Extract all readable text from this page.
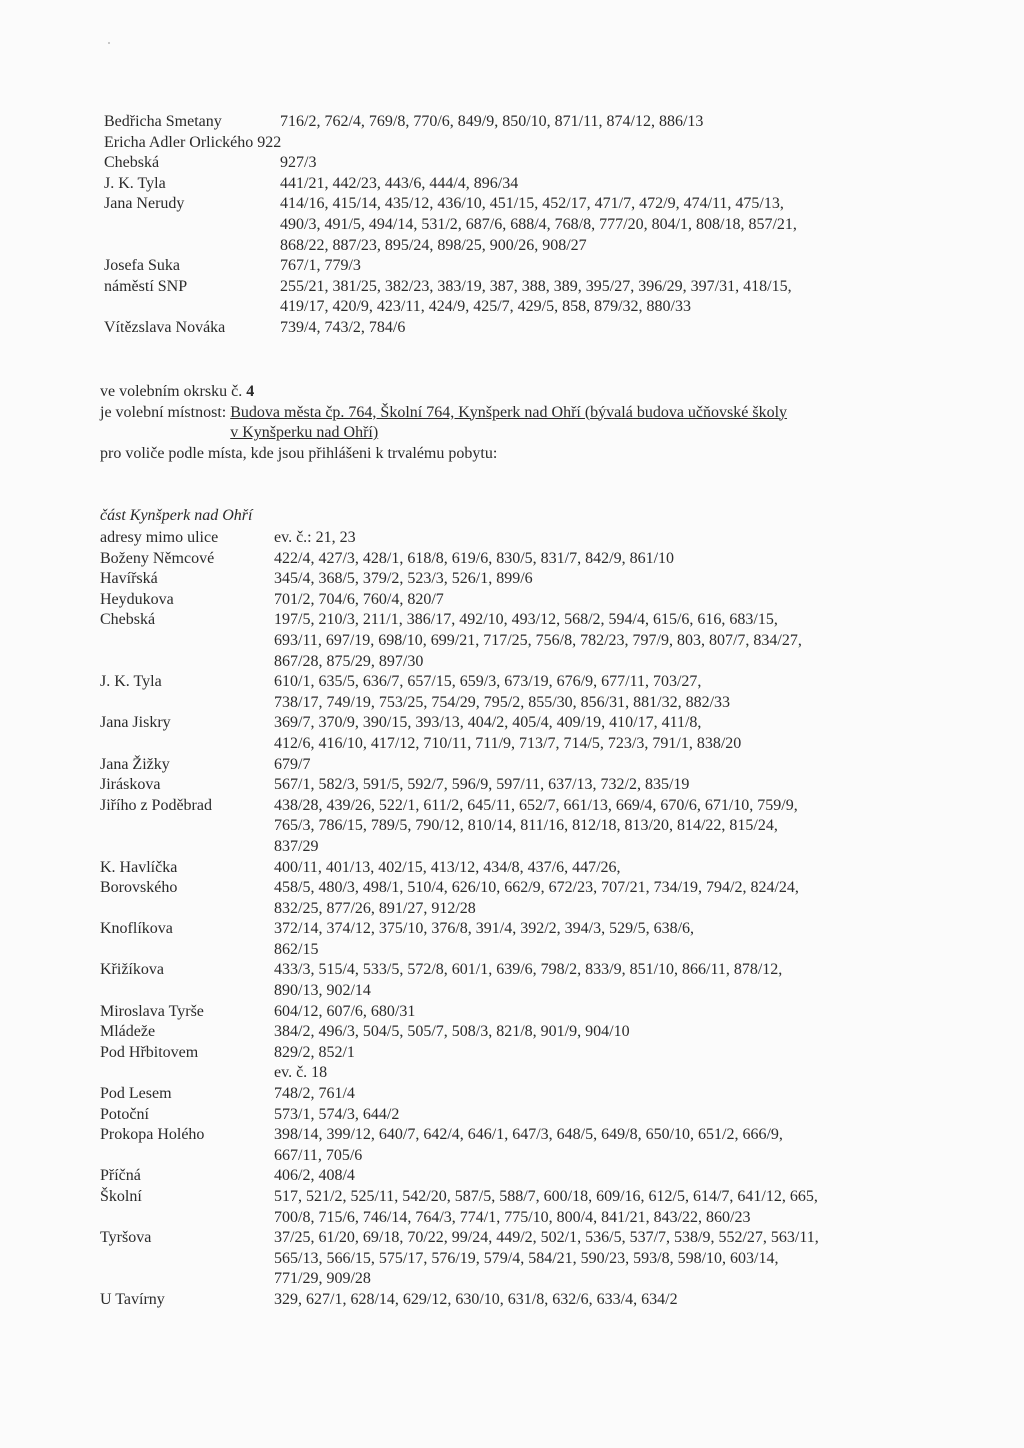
Bedřicha Smetany	716/2, 762/4, 769/8, 770/6, 849/9, 850/10, 871/11, 874/12, 886/13
Ericha Adler Orlického 922
Chebská	927/3
J. K. Tyla	441/21, 442/23, 443/6, 444/4, 896/34
Jana Nerudy	414/16, 415/14, 435/12, 436/10, 451/15, 452/17, 471/7, 472/9, 474/11, 475/13,
490/3, 491/5, 494/14, 531/2, 687/6, 688/4, 768/8, 777/20, 804/1, 808/18, 857/21,
868/22, 887/23, 895/24, 898/25, 900/26, 908/27
Josefa Suka	767/1, 779/3
náměstí SNP	255/21, 381/25, 382/23, 383/19, 387, 388, 389, 395/27, 396/29, 397/31, 418/15,
419/17, 420/9, 423/11, 424/9, 425/7, 429/5, 858, 879/32, 880/33
Vítězslava Nováka	739/4, 743/2, 784/6
ve volebním okrsku č. 4
je volební místnost: Budova města čp. 764, Školní 764, Kynšperk nad Ohří (bývalá budova učňovské školy
v Kynšperku nad Ohří)
pro voliče podle místa, kde jsou přihlášeni k trvalému pobytu:
část Kynšperk nad Ohří
adresy mimo ulice	ev. č.: 21, 23
Boženy Němcové	422/4, 427/3, 428/1, 618/8, 619/6, 830/5, 831/7, 842/9, 861/10
Havířská	345/4, 368/5, 379/2, 523/3, 526/1, 899/6
Heydukova	701/2, 704/6, 760/4, 820/7
Chebská	197/5, 210/3, 211/1, 386/17, 492/10, 493/12, 568/2, 594/4, 615/6, 616, 683/15,
693/11, 697/19, 698/10, 699/21, 717/25, 756/8, 782/23, 797/9, 803, 807/7, 834/27,
867/28, 875/29, 897/30
J. K. Tyla	610/1, 635/5, 636/7, 657/15, 659/3, 673/19, 676/9, 677/11, 703/27,
738/17, 749/19, 753/25, 754/29, 795/2, 855/30, 856/31, 881/32, 882/33
Jana Jiskry	369/7, 370/9, 390/15, 393/13, 404/2, 405/4, 409/19, 410/17, 411/8,
412/6, 416/10, 417/12, 710/11, 711/9, 713/7, 714/5, 723/3, 791/1, 838/20
Jana Žižky	679/7
Jiráskova	567/1, 582/3, 591/5, 592/7, 596/9, 597/11, 637/13, 732/2, 835/19
Jiřího z Poděbrad	438/28, 439/26, 522/1, 611/2, 645/11, 652/7, 661/13, 669/4, 670/6, 671/10, 759/9,
765/3, 786/15, 789/5, 790/12, 810/14, 811/16, 812/18, 813/20, 814/22, 815/24,
837/29
K. Havlíčka	400/11, 401/13, 402/15, 413/12, 434/8, 437/6, 447/26,
Borovského	458/5, 480/3, 498/1, 510/4, 626/10, 662/9, 672/23, 707/21, 734/19, 794/2, 824/24,
832/25, 877/26, 891/27, 912/28
Knoflíkova	372/14, 374/12, 375/10, 376/8, 391/4, 392/2, 394/3, 529/5, 638/6,
862/15
Křižíkova	433/3, 515/4, 533/5, 572/8, 601/1, 639/6, 798/2, 833/9, 851/10, 866/11, 878/12,
890/13, 902/14
Miroslava Tyrše	604/12, 607/6, 680/31
Mládeže	384/2, 496/3, 504/5, 505/7, 508/3, 821/8, 901/9, 904/10
Pod Hřbitovem	829/2, 852/1
ev. č. 18
Pod Lesem	748/2, 761/4
Potoční	573/1, 574/3, 644/2
Prokopa Holého	398/14, 399/12, 640/7, 642/4, 646/1, 647/3, 648/5, 649/8, 650/10, 651/2, 666/9,
667/11, 705/6
Příčná	406/2, 408/4
Školní	517, 521/2, 525/11, 542/20, 587/5, 588/7, 600/18, 609/16, 612/5, 614/7, 641/12, 665,
700/8, 715/6, 746/14, 764/3, 774/1, 775/10, 800/4, 841/21, 843/22, 860/23
Tyršova	37/25, 61/20, 69/18, 70/22, 99/24, 449/2, 502/1, 536/5, 537/7, 538/9, 552/27, 563/11,
565/13, 566/15, 575/17, 576/19, 579/4, 584/21, 590/23, 593/8, 598/10, 603/14,
771/29, 909/28
U Tavírny	329, 627/1, 628/14, 629/12, 630/10, 631/8, 632/6, 633/4, 634/2
